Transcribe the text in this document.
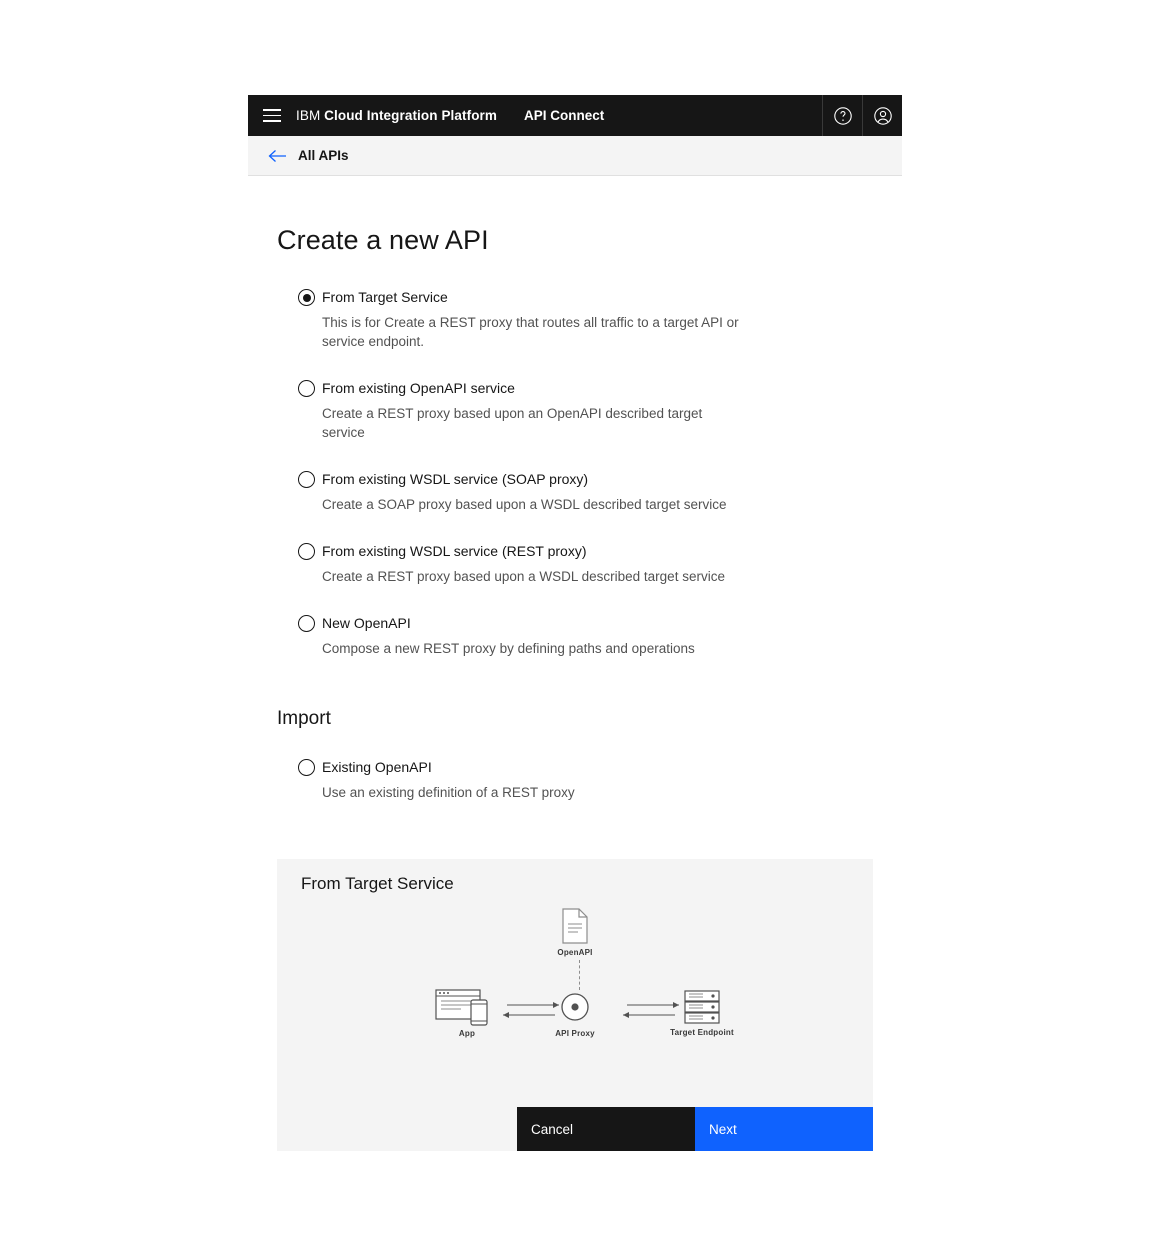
IBM Cloud Integration Platform API Connect
All APIs
Create a new API
From Target Service
This is for Create a REST proxy that routes all traffic to a target API or service endpoint.
From existing OpenAPI service
Create a REST proxy based upon an OpenAPI described target service
From existing WSDL service (SOAP proxy)
Create a SOAP proxy based upon a WSDL described target service
From existing WSDL service (REST proxy)
Create a REST proxy based upon a WSDL described target service
New OpenAPI
Compose a new REST proxy by defining paths and operations
Import
Existing OpenAPI
Use an existing definition of a REST proxy
From Target Service
OpenAPI
App	API Proxy	Target Endpoint
Cancel	Next
